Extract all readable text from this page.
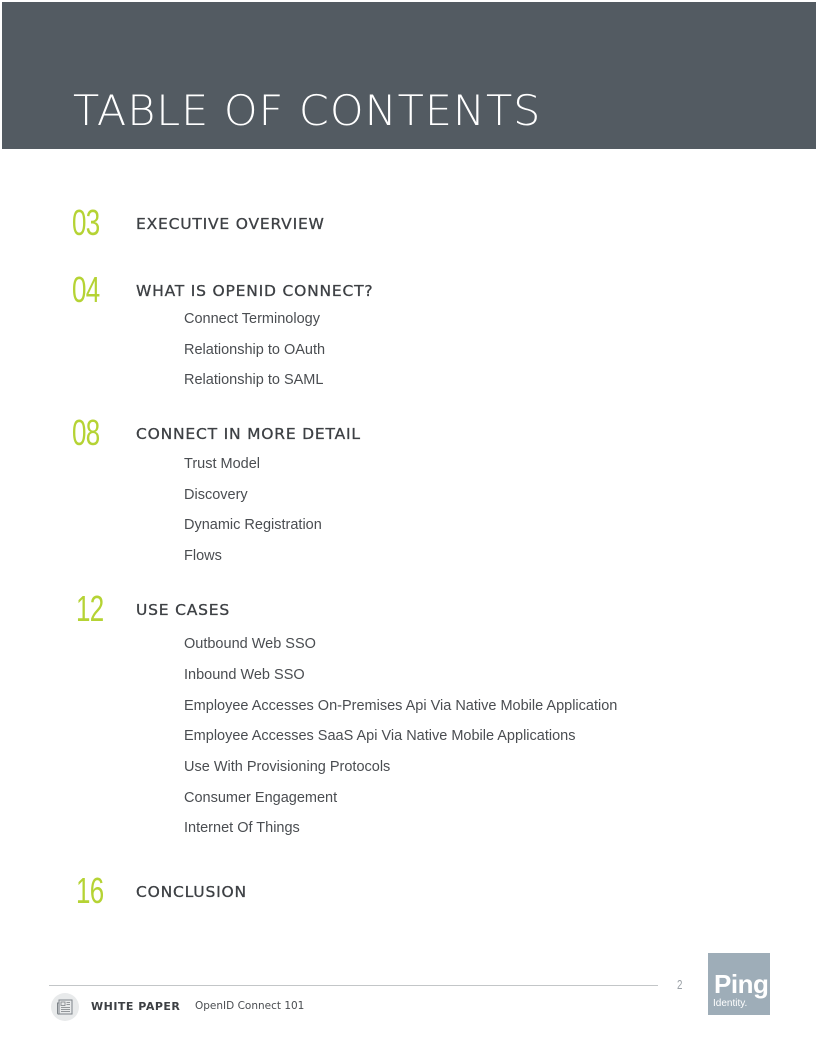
TABLE OF CONTENTS
03 EXECUTIVE OVERVIEW
04 WHAT IS OPENID CONNECT?
Connect Terminology
Relationship to OAuth
Relationship to SAML
08 CONNECT IN MORE DETAIL
Trust Model
Discovery
Dynamic Registration
Flows
12 USE CASES
Outbound Web SSO
Inbound Web SSO
Employee Accesses On-Premises Api Via Native Mobile Application
Employee Accesses SaaS Api Via Native Mobile Applications
Use With Provisioning Protocols
Consumer Engagement
Internet Of Things
16 CONCLUSION
2 Ping
Identity.
WHITE PAPER OpenID Connect 101
